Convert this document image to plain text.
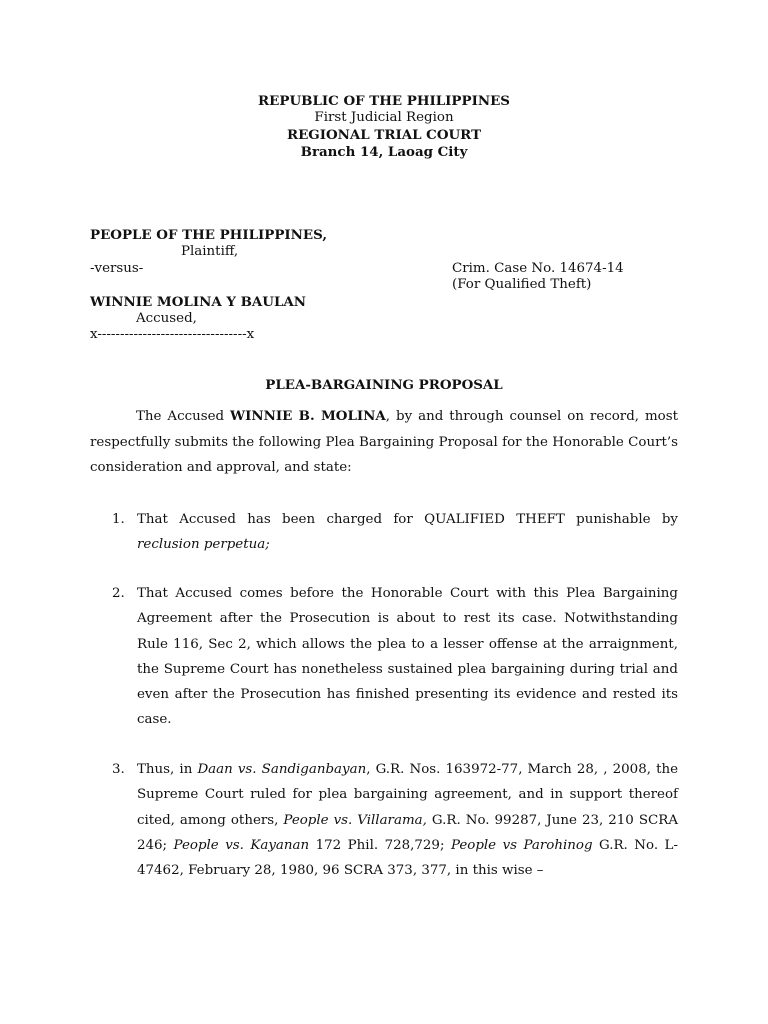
REPUBLIC OF THE PHILIPPINES
First Judicial Region
REGIONAL TRIAL COURT
Branch 14, Laoag City
PEOPLE OF THE PHILIPPINES,
Plaintiff,
-versus-	Crim. Case No. 14674-14
(For Qualified Theft)
WINNIE MOLINA Y BAULAN
Accused,
x---------------------------------x
PLEA-BARGAINING PROPOSAL
The Accused WINNIE B. MOLINA, by and through counsel on record, most respectfully submits the following Plea Bargaining Proposal for the Honorable Court’s consideration and approval, and state:
1. That Accused has been charged for QUALIFIED THEFT punishable by reclusion perpetua;
2. That Accused comes before the Honorable Court with this Plea Bargaining Agreement after the Prosecution is about to rest its case. Notwithstanding Rule 116, Sec 2, which allows the plea to a lesser offense at the arraignment, the Supreme Court has nonetheless sustained plea bargaining during trial and even after the Prosecution has finished presenting its evidence and rested its case.
3. Thus, in Daan vs. Sandiganbayan, G.R. Nos. 163972-77, March 28, , 2008, the Supreme Court ruled for plea bargaining agreement, and in support thereof cited, among others, People vs. Villarama, G.R. No. 99287, June 23, 210 SCRA 246; People vs. Kayanan 172 Phil. 728,729; People vs Parohinog G.R. No. L-47462, February 28, 1980, 96 SCRA 373, 377, in this wise –
